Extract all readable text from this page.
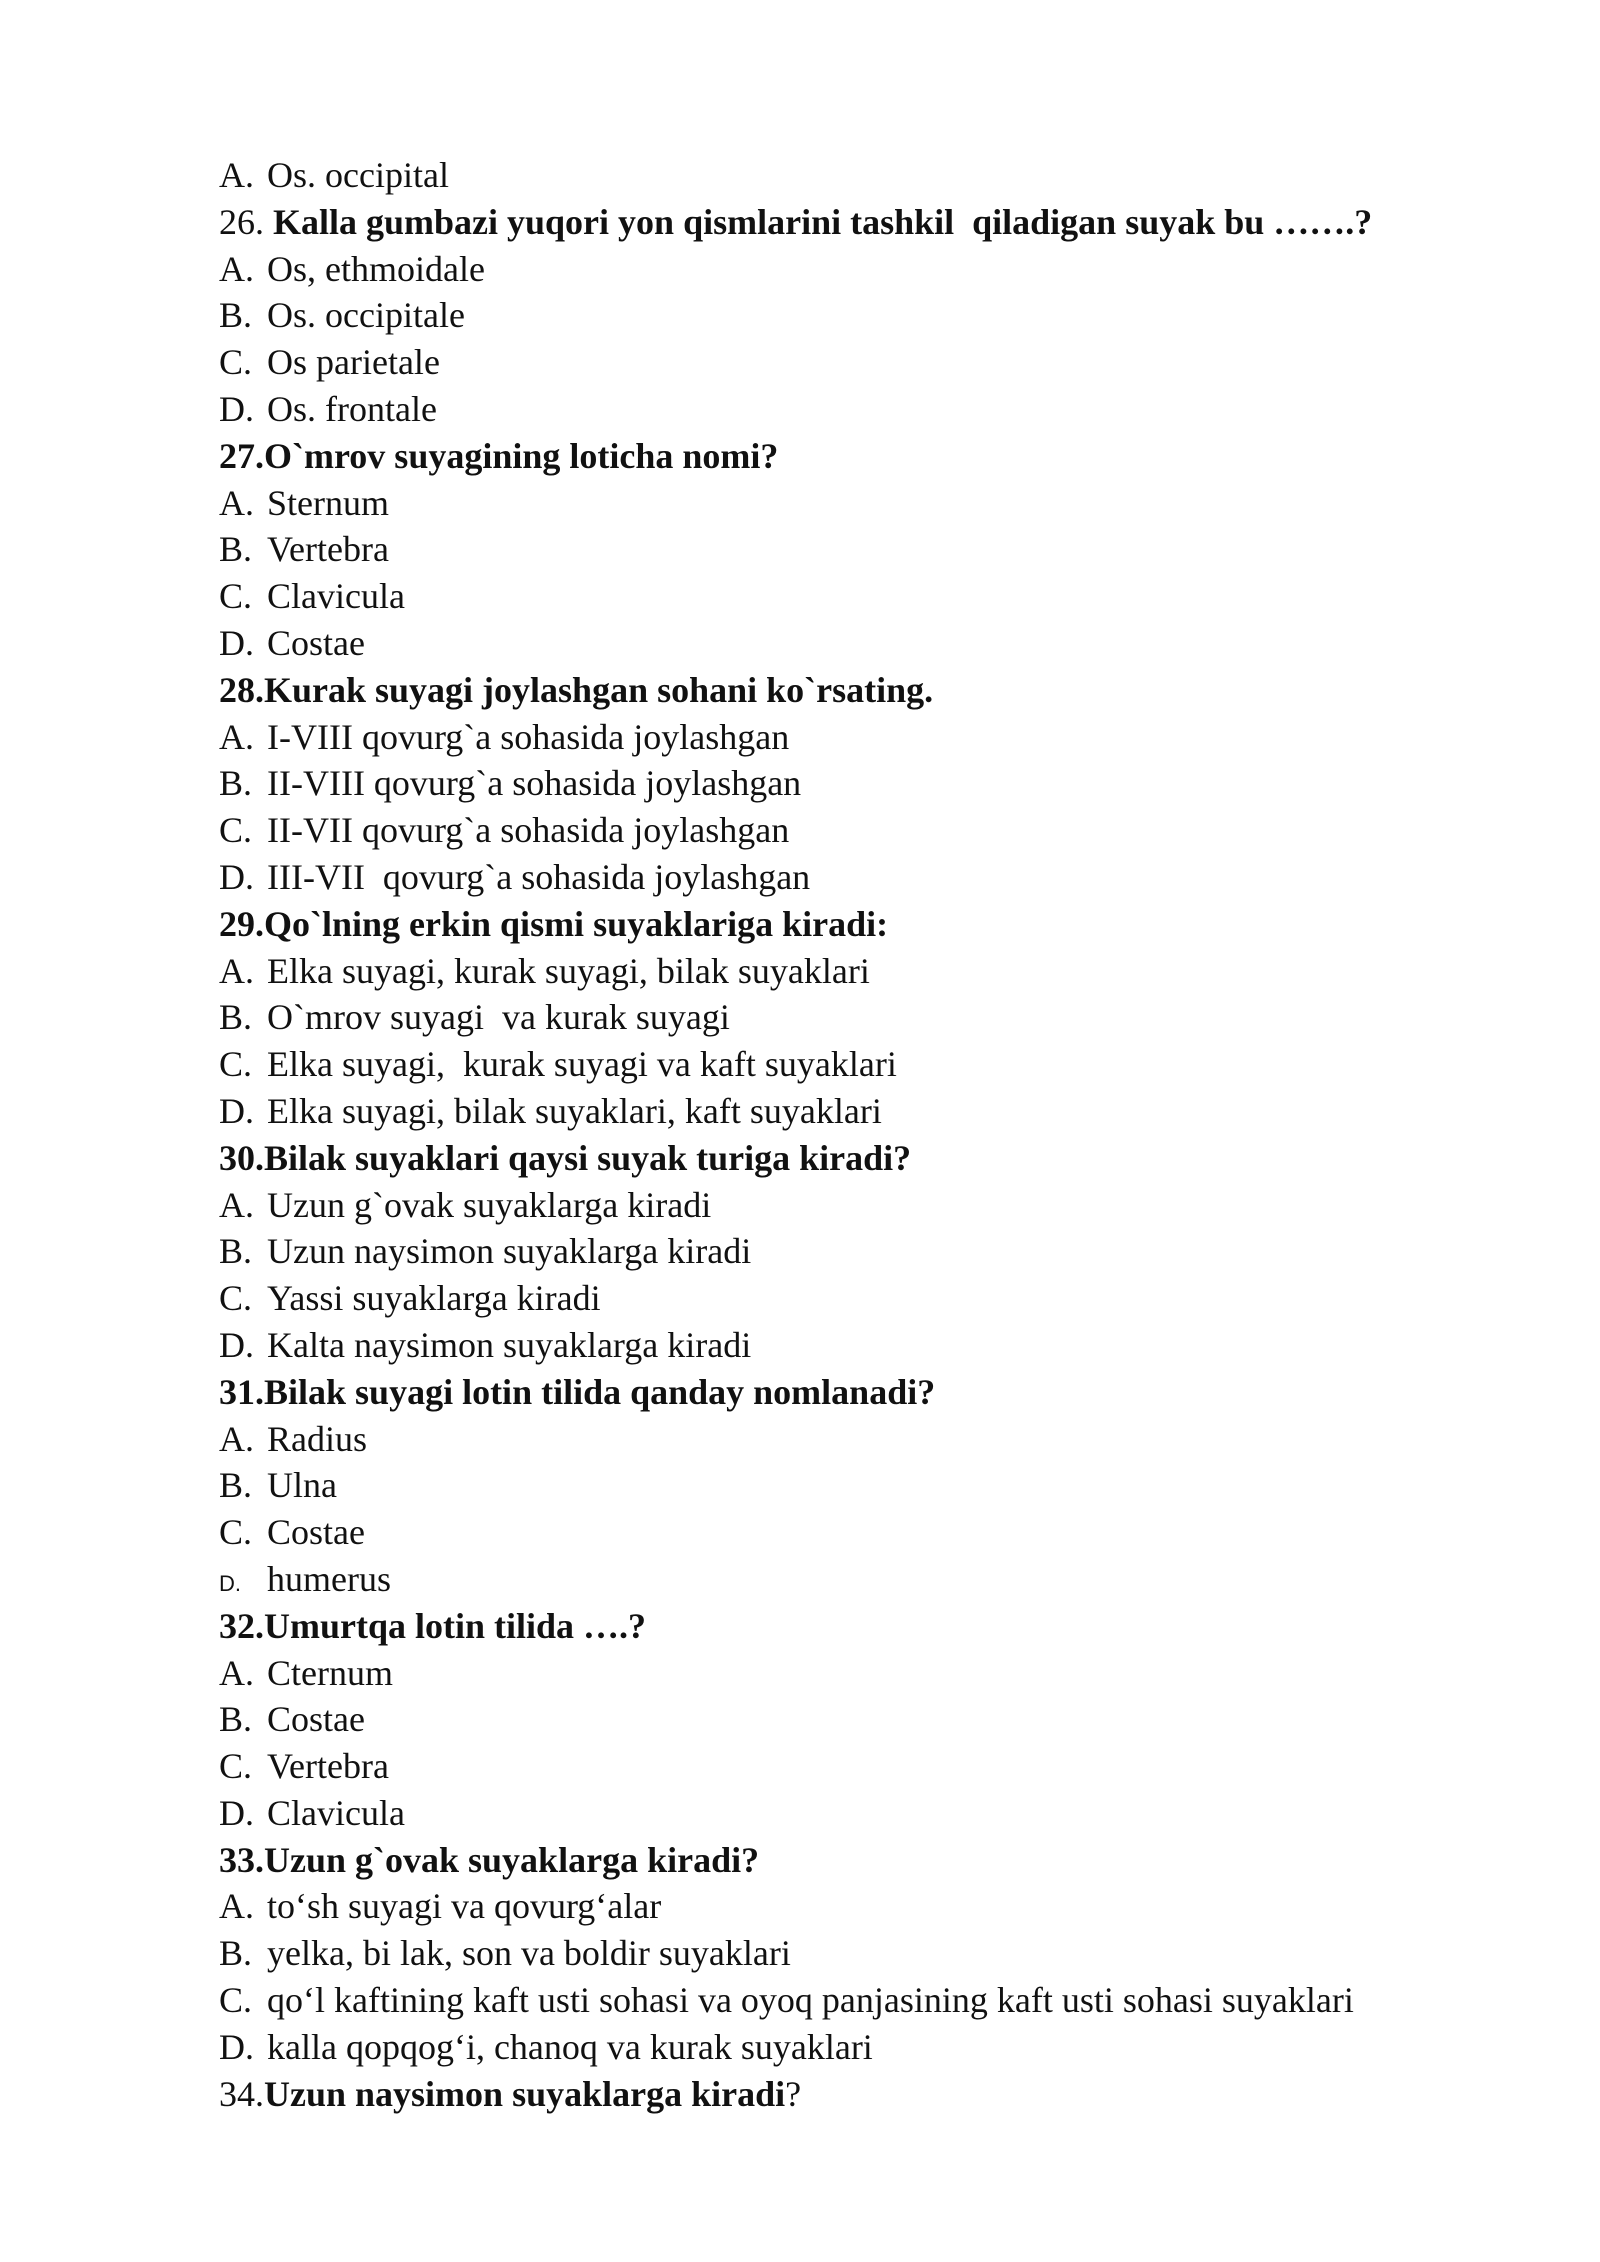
A. Os. occipital
26. Kalla gumbazi yuqori yon qismlarini tashkil  qiladigan suyak bu …….?
A. Os, ethmoidale
B. Os. occipitale
C. Os parietale
D. Os. frontale
27.O`mrov suyagining loticha nomi?
A. Sternum
B. Vertebra
C. Clavicula
D. Costae
28.Kurak suyagi joylashgan sohani ko`rsating.
A. I-VIII qovurg`a sohasida joylashgan
B. II-VIII qovurg`a sohasida joylashgan
C. II-VII qovurg`a sohasida joylashgan
D. III-VII  qovurg`a sohasida joylashgan
29.Qo`lning erkin qismi suyaklariga kiradi:
A. Elka suyagi, kurak suyagi, bilak suyaklari
B. O`mrov suyagi  va kurak suyagi
C. Elka suyagi,  kurak suyagi va kaft suyaklari
D. Elka suyagi, bilak suyaklari, kaft suyaklari
30.Bilak suyaklari qaysi suyak turiga kiradi?
A. Uzun g`ovak suyaklarga kiradi
B. Uzun naysimon suyaklarga kiradi
C. Yassi suyaklarga kiradi
D. Kalta naysimon suyaklarga kiradi
31.Bilak suyagi lotin tilida qanday nomlanadi?
A. Radius
B. Ulna
C. Costae
D. humerus
32.Umurtqa lotin tilida ….?
A. Cternum
B. Costae
C. Vertebra
D. Clavicula
33.Uzun g`ovak suyaklarga kiradi?
A. to‘sh suyagi va qovurg‘alar
B. yelka, bi lak, son va boldir suyaklari
C. qo‘l kaftining kaft usti sohasi va oyoq panjasining kaft usti sohasi suyaklari
D. kalla qopqog‘i, chanoq va kurak suyaklari
34.Uzun naysimon suyaklarga kiradi?
